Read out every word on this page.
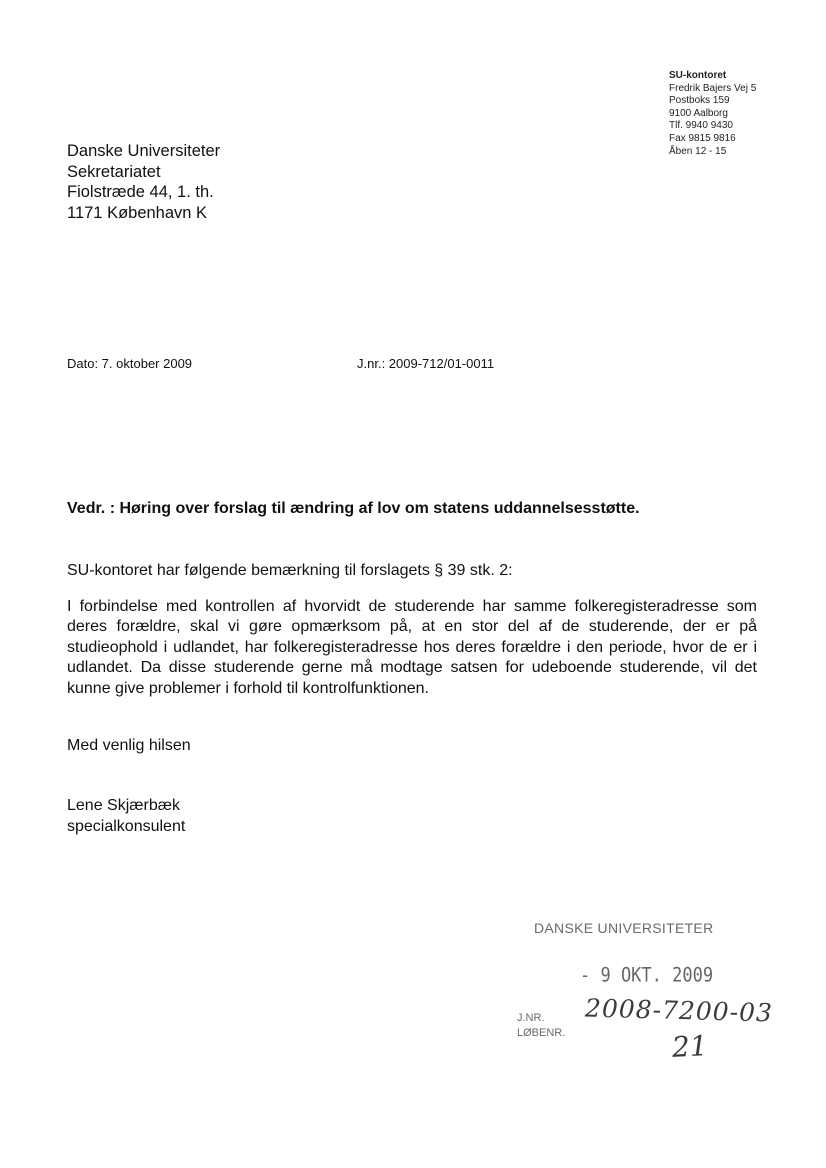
SU-kontoret
Fredrik Bajers Vej 5
Postboks 159
9100 Aalborg
Tlf. 9940 9430
Fax 9815 9816
Åben 12 - 15
Danske Universiteter
Sekretariatet
Fiolstræde 44, 1. th.
1171 København K
Dato: 7. oktober 2009	J.nr.: 2009-712/01-0011
Vedr. : Høring over forslag til ændring af lov om statens uddannelsesstøtte.
SU-kontoret har følgende bemærkning til forslagets § 39 stk. 2:
I forbindelse med kontrollen af hvorvidt de studerende har samme folkeregisteradresse som deres forældre, skal vi gøre opmærksom på, at en stor del af de studerende, der er på studieophold i udlandet, har folkeregisteradresse hos deres forældre i den periode, hvor de er i udlandet. Da disse studerende gerne må modtage satsen for udeboende studerende, vil det kunne give problemer i forhold til kontrolfunktionen.
Med venlig hilsen
Lene Skjærbæk
specialkonsulent
DANSKE UNIVERSITETER
- 9 OKT. 2009
J.NR.
LØBENR.
2008-7200-03
21
